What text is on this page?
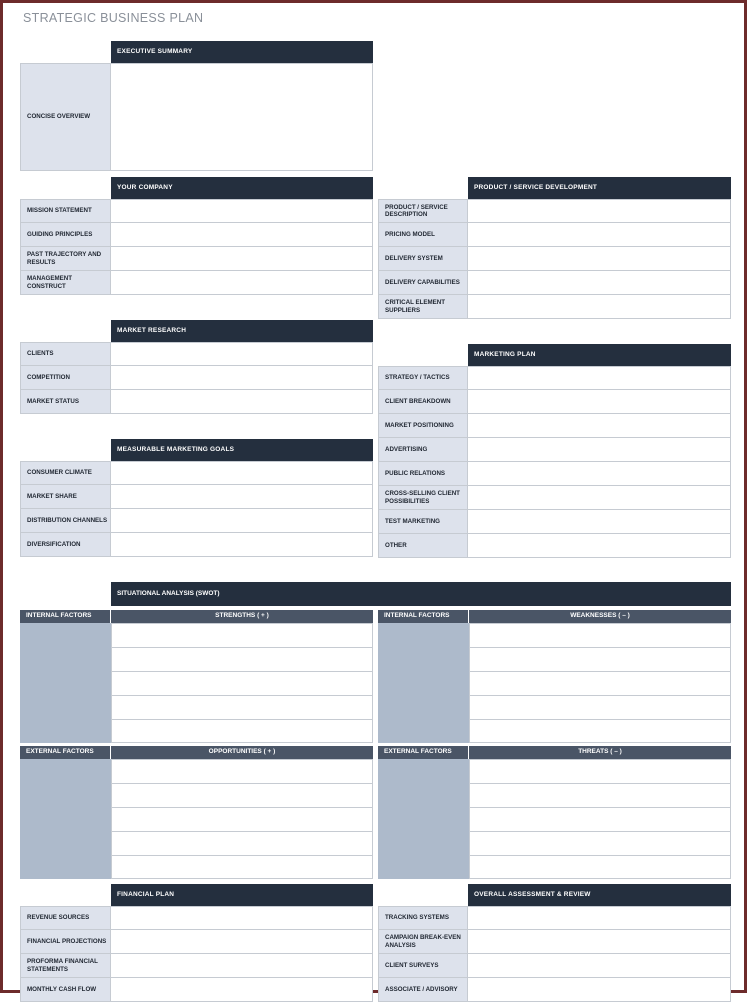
STRATEGIC BUSINESS PLAN
EXECUTIVE SUMMARY
CONCISE OVERVIEW
SITUATIONAL ANALYSIS (SWOT)
YOUR COMPANY
MISSION STATEMENT
GUIDING PRINCIPLES
PAST TRAJECTORY AND RESULTS
MANAGEMENT CONSTRUCT
PRODUCT / SERVICE DEVELOPMENT
PRODUCT / SERVICE DESCRIPTION
PRICING MODEL
DELIVERY SYSTEM
DELIVERY CAPABILITIES
CRITICAL ELEMENT SUPPLIERS
MARKET RESEARCH
CLIENTS
COMPETITION
MARKET STATUS
MARKETING PLAN
STRATEGY / TACTICS
CLIENT BREAKDOWN
MARKET POSITIONING
ADVERTISING
PUBLIC RELATIONS
CROSS-SELLING CLIENT POSSIBILITIES
TEST MARKETING
OTHER
MEASURABLE MARKETING GOALS
CONSUMER CLIMATE
MARKET SHARE
DISTRIBUTION CHANNELS
DIVERSIFICATION
FINANCIAL PLAN
REVENUE SOURCES
FINANCIAL PROJECTIONS
PROFORMA FINANCIAL STATEMENTS
MONTHLY CASH FLOW
OVERALL ASSESSMENT & REVIEW
TRACKING SYSTEMS
CAMPAIGN BREAK-EVEN ANALYSIS
CLIENT SURVEYS
ASSOCIATE / ADVISORY
INTERNAL FACTORS	STRENGTHS ( + )	INTERNAL FACTORS	WEAKNESSES ( – )
EXTERNAL FACTORS	OPPORTUNITIES ( + )	EXTERNAL FACTORS	THREATS ( – )
